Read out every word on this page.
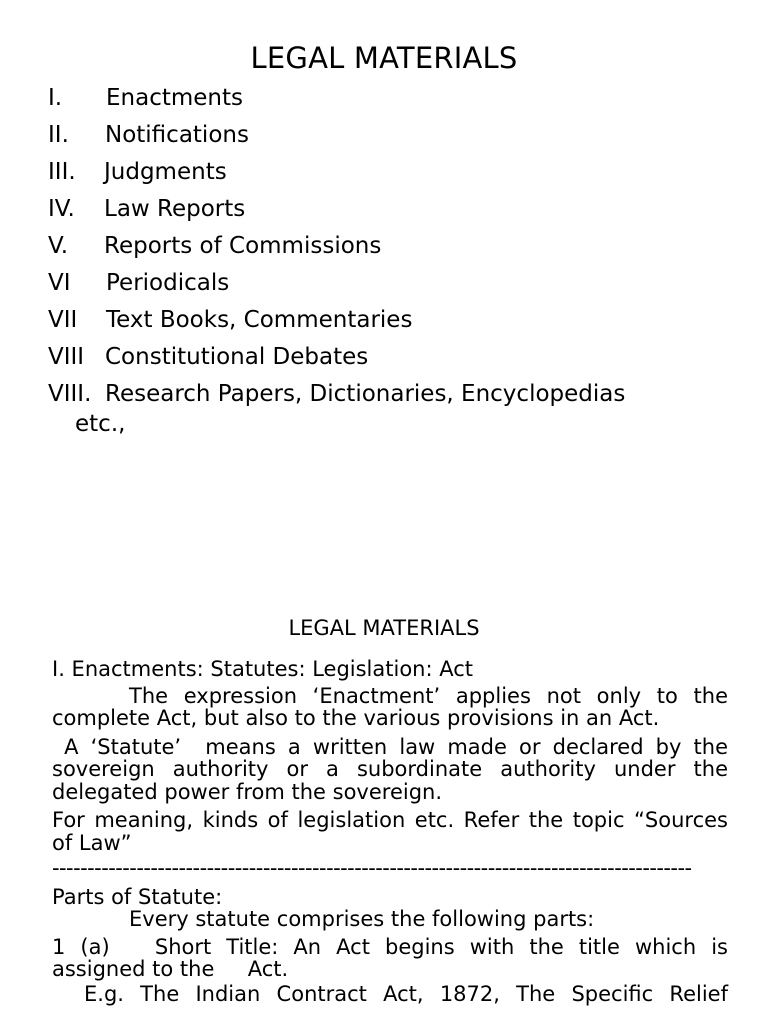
LEGAL MATERIALS
I. Enactments
II. Notifications
III. Judgments
IV. Law Reports
V. Reports of Commissions
VI Periodicals
VII Text Books, Commentaries
VIII Constitutional Debates
VIII. Research Papers, Dictionaries, Encyclopedias
etc.,
LEGAL MATERIALS

I. Enactments: Statutes: Legislation: Act

The expression ‘Enactment’ applies not only to the complete Act, but also to the various provisions in an Act.

A ‘Statute’  means a written law made or declared by the sovereign authority or a subordinate authority under the delegated power from the sovereign.

For meaning, kinds of legislation etc. Refer the topic “Sources of Law”

-------------------------------------------------------------------------------------------

Parts of Statute:

Every statute comprises the following parts:

1 (a)   Short Title: An Act begins with the title which is

assigned to the     Act.

E.g. The Indian Contract Act, 1872, The Specific Relief
